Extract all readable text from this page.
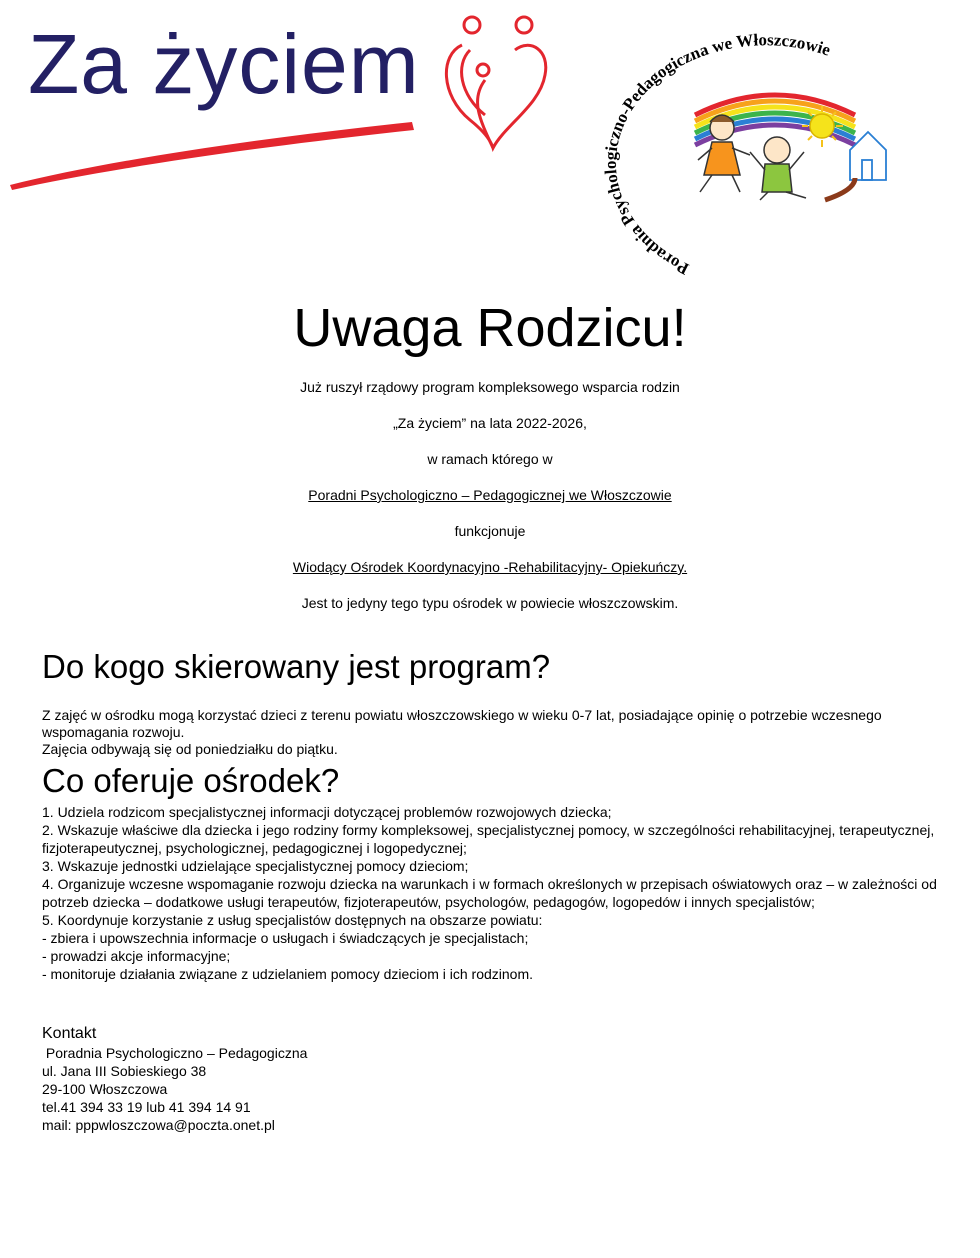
Za życiem
Poradnia Psychologiczno-Pedagogiczna we Włoszczowie
Uwaga Rodzicu!
Już ruszył rządowy program kompleksowego wsparcia rodzin
„Za życiem” na lata 2022-2026,
w ramach którego w
Poradni Psychologiczno – Pedagogicznej we Włoszczowie
funkcjonuje
Wiodący Ośrodek Koordynacyjno -Rehabilitacyjny- Opiekuńczy.
Jest to jedyny tego typu ośrodek w powiecie włoszczowskim.
Do kogo skierowany jest program?
Z zajęć w ośrodku mogą korzystać dzieci z terenu powiatu włoszczowskiego w wieku 0-7 lat, posiadające opinię o potrzebie wczesnego wspomagania rozwoju.
Zajęcia odbywają się od poniedziałku do piątku.
Co oferuje ośrodek?
1. Udziela rodzicom specjalistycznej informacji dotyczącej problemów rozwojowych dziecka;
2. Wskazuje właściwe dla dziecka i jego rodziny formy kompleksowej, specjalistycznej pomocy, w szczególności rehabilitacyjnej, terapeutycznej, fizjoterapeutycznej, psychologicznej, pedagogicznej i logopedycznej;
3. Wskazuje jednostki udzielające specjalistycznej pomocy dzieciom;
4. Organizuje wczesne wspomaganie rozwoju dziecka na warunkach i w formach określonych w przepisach oświatowych oraz – w zależności od potrzeb dziecka – dodatkowe usługi terapeutów, fizjoterapeutów, psychologów, pedagogów, logopedów i innych specjalistów;
5. Koordynuje korzystanie z usług specjalistów dostępnych na obszarze powiatu:
- zbiera i upowszechnia informacje o usługach i świadczących je specjalistach;
- prowadzi akcje informacyjne;
- monitoruje działania związane z udzielaniem pomocy dzieciom i ich rodzinom.
Kontakt
Poradnia Psychologiczno – Pedagogiczna
ul. Jana III Sobieskiego 38
29-100 Włoszczowa
tel.41 394 33 19 lub 41 394 14 91
mail: pppwloszczowa@poczta.onet.pl
